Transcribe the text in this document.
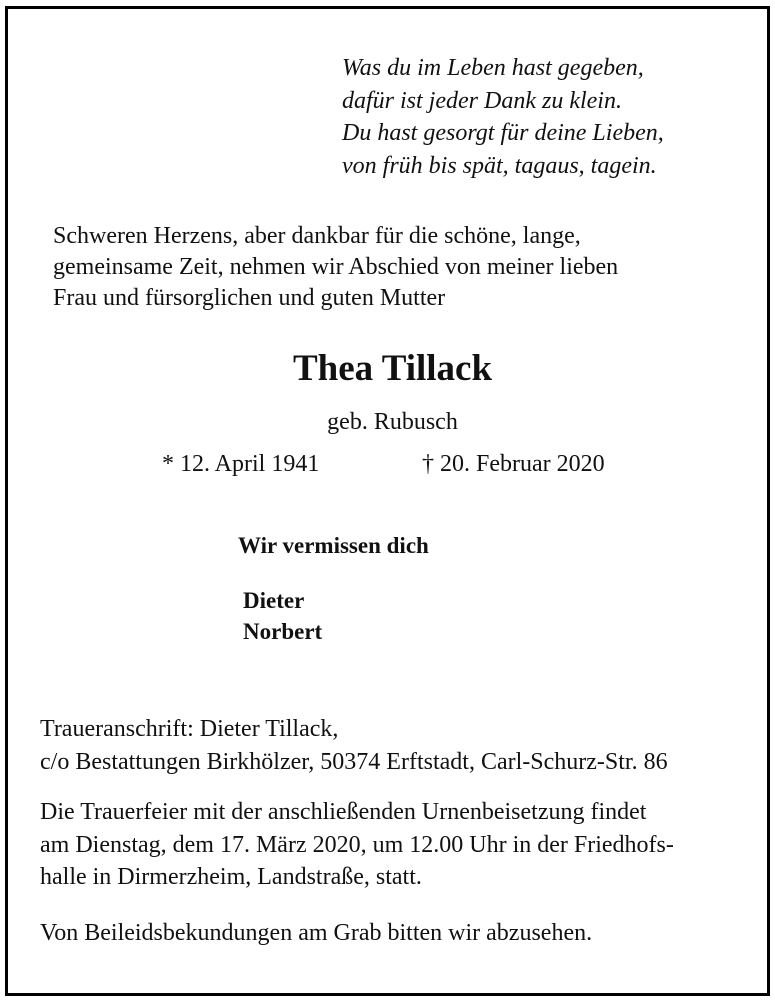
Was du im Leben hast gegeben,
dafür ist jeder Dank zu klein.
Du hast gesorgt für deine Lieben,
von früh bis spät, tagaus, tagein.
Schweren Herzens, aber dankbar für die schöne, lange,
gemeinsame Zeit, nehmen wir Abschied von meiner lieben
Frau und fürsorglichen und guten Mutter
Thea Tillack
geb. Rubusch
* 12. April 1941	† 20. Februar 2020
Wir vermissen dich
Dieter
Norbert
Traueranschrift: Dieter Tillack,
c/o Bestattungen Birkhölzer, 50374 Erftstadt, Carl-Schurz-Str. 86
Die Trauerfeier mit der anschließenden Urnenbeisetzung findet
am Dienstag, dem 17. März 2020, um 12.00 Uhr in der Friedhofs-
halle in Dirmerzheim, Landstraße, statt.
Von Beileidsbekundungen am Grab bitten wir abzusehen.
